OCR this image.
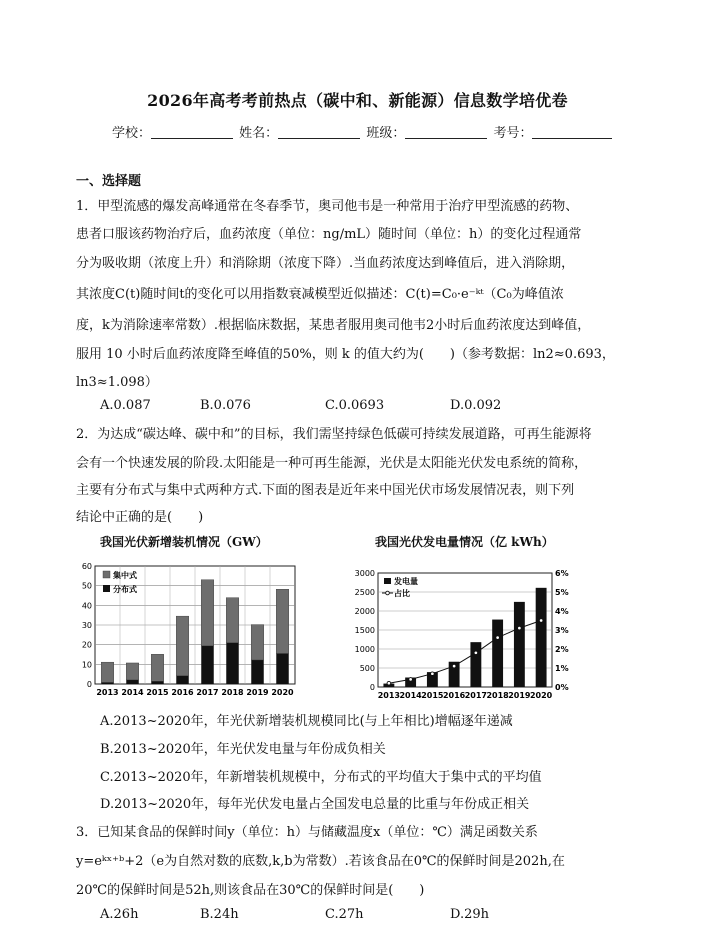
2026年高考考前热点（碳中和、新能源）信息数学培优卷
学校：	姓名：	班级：	考号：
一、选择题
1．甲型流感的爆发高峰通常在冬春季节，奥司他韦是一种常用于治疗甲型流感的药物、
患者口服该药物治疗后，血药浓度（单位：ng/mL）随时间（单位：h）的变化过程通常
分为吸收期（浓度上升）和消除期（浓度下降）.当血药浓度达到峰值后，进入消除期，
其浓度C(t)随时间t的变化可以用指数衰减模型近似描述：C(t)=C₀·e⁻ᵏᵗ（C₀为峰值浓
度，k为消除速率常数）.根据临床数据，某患者服用奥司他韦2小时后血药浓度达到峰值，
服用 10 小时后血药浓度降至峰值的50%，则 k 的值大约为(　　)（参考数据：ln2≈0.693，
ln3≈1.098）
A.0.087	B.0.076	C.0.0693	D.0.092
2．为达成“碳达峰、碳中和”的目标，我们需坚持绿色低碳可持续发展道路，可再生能源将
会有一个快速发展的阶段.太阳能是一种可再生能源，光伏是太阳能光伏发电系统的简称，
主要有分布式与集中式两种方式.下面的图表是近年来中国光伏市场发展情况表，则下列
结论中正确的是(　　)
我国光伏新增装机情况（GW）	我国光伏发电量情况（亿 kWh）
0
10
20
30
40
50
60
2013 2014 2015 2016 2017 2018 2019 2020
集中式
分布式
0
500
1000
1500
2000
2500
3000
0%
1%
2%
3%
4%
5%
6%
2013 2014 2015 2016 2017 2018 2019 2020
发电量
占比
A.2013~2020年，年光伏新增装机规模同比(与上年相比)增幅逐年递减
B.2013~2020年，年光伏发电量与年份成负相关
C.2013~2020年，年新增装机规模中，分布式的平均值大于集中式的平均值
D.2013~2020年，每年光伏发电量占全国发电总量的比重与年份成正相关
3．已知某食品的保鲜时间y（单位：h）与储藏温度x（单位：℃）满足函数关系
y=eᵏˣ⁺ᵇ+2（e为自然对数的底数,k,b为常数）.若该食品在0℃的保鲜时间是202h,在
20℃的保鲜时间是52h,则该食品在30℃的保鲜时间是(　　)
A.26h	B.24h	C.27h	D.29h
